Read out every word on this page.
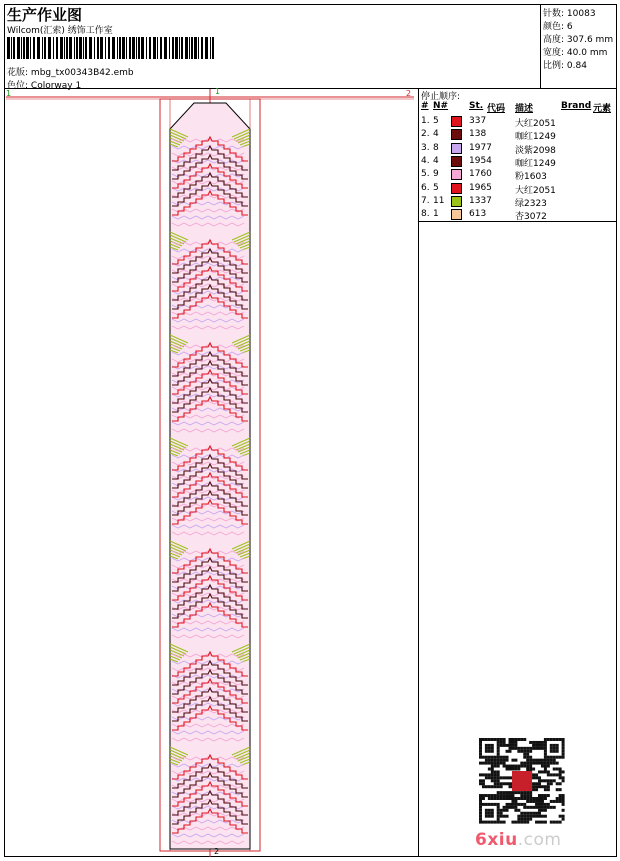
生产作业图
Wilcom(汇索) 绣饰工作室
花版: mbg_tx00343B42.emb
色位: Colorway 1
针数: 10083
颜色: 6
高度: 307.6 mm
宽度: 40.0 mm
比例: 0.84
1	1	2
2
停止顺序:
# N# St. 代码 描述	Brand 元素
1. 5	337	大红2051
2. 4	138	咖红1249
3. 8	1977	淡紫2098
4. 4	1954	咖红1249
5. 9	1760	粉1603
6. 5	1965	大红2051
7. 11	1337	绿2323
8. 1	613	杏3072
6xiu.com
